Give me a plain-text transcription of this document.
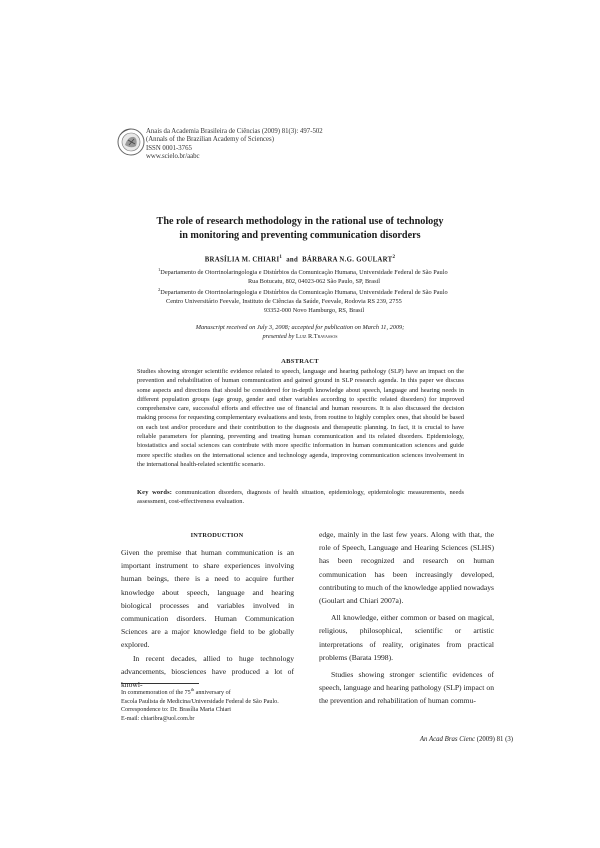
Anais da Academia Brasileira de Ciências (2009) 81(3): 497-502
(Annals of the Brazilian Academy of Sciences)
ISSN 0001-3765
www.scielo.br/aabc
The role of research methodology in the rational use of technology
in monitoring and preventing communication disorders
BRASÍLIA M. CHIARI$^1$ and BÁRBARA N.G. GOULART$^2$
$^1$Departamento de Otorrinolaringologia e Distúrbios da Comunicação Humana, Universidade Federal de São Paulo
Rua Botucatu, 802, 04023-062 São Paulo, SP, Brasil
$^2$Departamento de Otorrinolaringologia e Distúrbios da Comunicação Humana, Universidade Federal de São Paulo
Centro Universitário Feevale, Instituto de Ciências da Saúde, Feevale, Rodovia RS 239, 2755
93352-000 Novo Hamburgo, RS, Brasil
Manuscript received on July 3, 2008; accepted for publication on March 11, 2009;
presented by Luiz R.Travassos
ABSTRACT
Studies showing stronger scientific evidence related to speech, language and hearing pathology (SLP) have an impact on the prevention and rehabilitation of human communication and gained ground in SLP research agenda. In this paper we discuss some aspects and directions that should be considered for in-depth knowledge about speech, language and hearing needs in different population groups (age group, gender and other variables according to specific related disorders) for improved comprehensive care, successful efforts and effective use of financial and human resources. It is also discussed the decision making process for requesting complementary evaluations and tests, from routine to highly complex ones, that should be based on each test and/or procedure and their contribution to the diagnosis and therapeutic planning. In fact, it is crucial to have reliable parameters for planning, preventing and treating human communication and its related disorders. Epidemiology, biostatistics and social sciences can contribute with more specific information in human communication sciences and guide more specific studies on the international science and technology agenda, improving communication sciences involvement in the international health-related scientific scenario.
Key words: communication disorders, diagnosis of health situation, epidemiology, epidemiologic measurements, needs assessment, cost-effectiveness evaluation.
INTRODUCTION

Given the premise that human communication is an important instrument to share experiences involving human beings, there is a need to acquire further knowledge about speech, language and hearing biological processes and variables involved in communication disorders. Human Communication Sciences are a major knowledge field to be globally explored.

In recent decades, allied to huge technology advancements, biosciences have produced a lot of knowl-

edge, mainly in the last few years. Along with that, the role of Speech, Language and Hearing Sciences (SLHS) has been recognized and research on human communication has been increasingly developed, contributing to much of the knowledge applied nowadays (Goulart and Chiari 2007a).

All knowledge, either common or based on magical, religious, philosophical, scientific or artistic interpretations of reality, originates from practical problems (Barata 1998).

Studies showing stronger scientific evidences of speech, language and hearing pathology (SLP) impact on the prevention and rehabilitation of human commu-

In commemoration of the 75th anniversary of
Escola Paulista de Medicina/Universidade Federal de São Paulo.
Correspondence to: Dr. Brasília Maria Chiari
E-mail: chiaribra@uol.com.br
An Acad Bras Cienc (2009) 81 (3)
